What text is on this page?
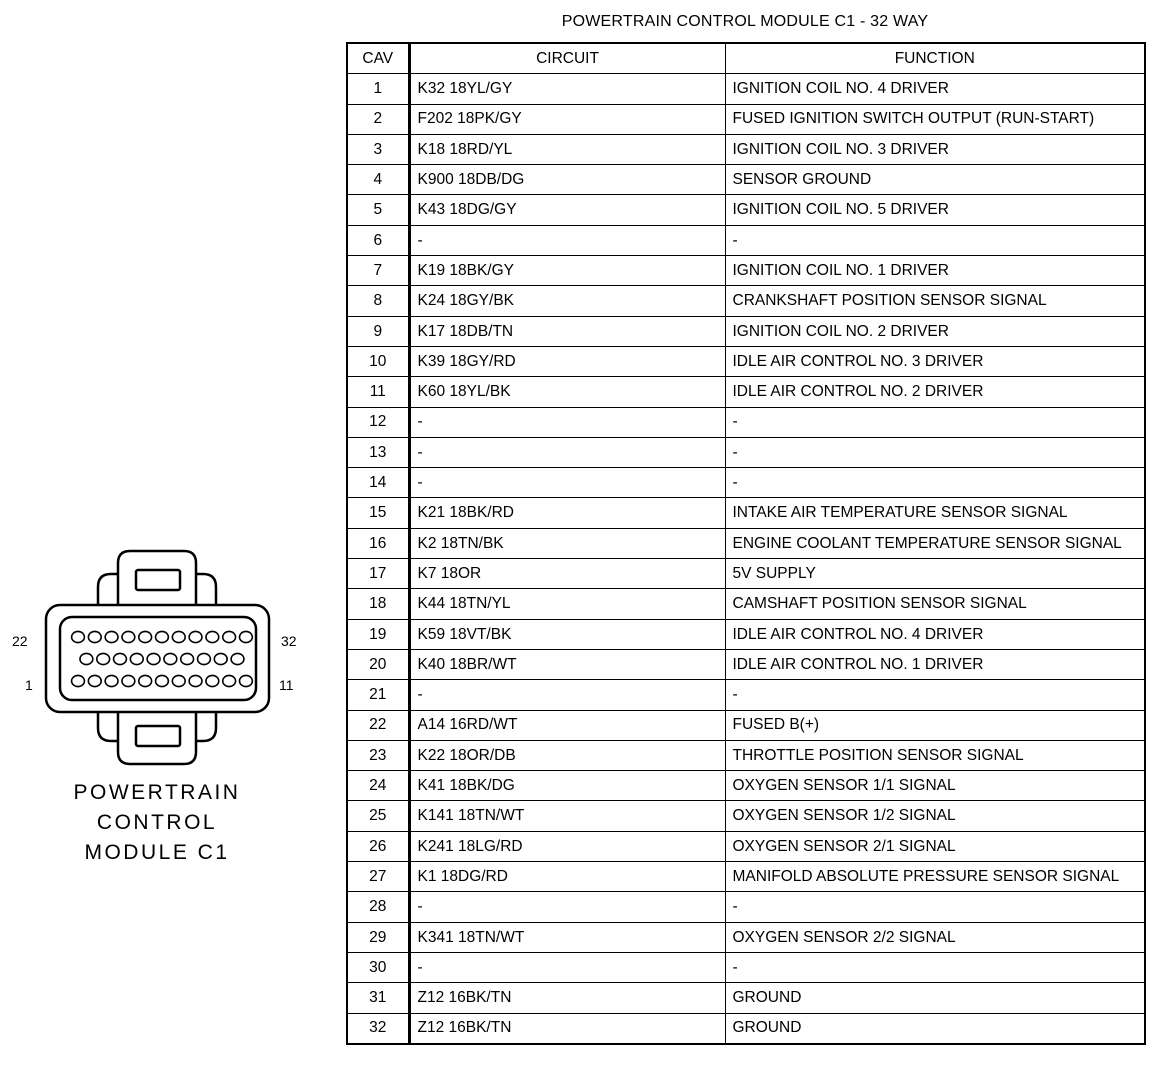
POWERTRAIN CONTROL MODULE C1 - 32 WAY
CAV	CIRCUIT	FUNCTION
1	K32 18YL/GY	IGNITION COIL NO. 4 DRIVER
2	F202 18PK/GY	FUSED IGNITION SWITCH OUTPUT (RUN-START)
3	K18 18RD/YL	IGNITION COIL NO. 3 DRIVER
4	K900 18DB/DG	SENSOR GROUND
5	K43 18DG/GY	IGNITION COIL NO. 5 DRIVER
6	-	-
7	K19 18BK/GY	IGNITION COIL NO. 1 DRIVER
8	K24 18GY/BK	CRANKSHAFT POSITION SENSOR SIGNAL
9	K17 18DB/TN	IGNITION COIL NO. 2 DRIVER
10	K39 18GY/RD	IDLE AIR CONTROL NO. 3 DRIVER
11	K60 18YL/BK	IDLE AIR CONTROL NO. 2 DRIVER
12	-	-
13	-	-
14	-	-
15	K21 18BK/RD	INTAKE AIR TEMPERATURE SENSOR SIGNAL
16	K2 18TN/BK	ENGINE COOLANT TEMPERATURE SENSOR SIGNAL
17	K7 18OR	5V SUPPLY
18	K44 18TN/YL	CAMSHAFT POSITION SENSOR SIGNAL
19	K59 18VT/BK	IDLE AIR CONTROL NO. 4 DRIVER
20	K40 18BR/WT	IDLE AIR CONTROL NO. 1 DRIVER
21	-	-
22	A14 16RD/WT	FUSED B(+)
23	K22 18OR/DB	THROTTLE POSITION SENSOR SIGNAL
24	K41 18BK/DG	OXYGEN SENSOR 1/1 SIGNAL
25	K141 18TN/WT	OXYGEN SENSOR 1/2 SIGNAL
26	K241 18LG/RD	OXYGEN SENSOR 2/1 SIGNAL
27	K1 18DG/RD	MANIFOLD ABSOLUTE PRESSURE SENSOR SIGNAL
28	-	-
29	K341 18TN/WT	OXYGEN SENSOR 2/2 SIGNAL
30	-	-
31	Z12 16BK/TN	GROUND
32	Z12 16BK/TN	GROUND
22	32
1	11
POWERTRAIN
CONTROL
MODULE C1
